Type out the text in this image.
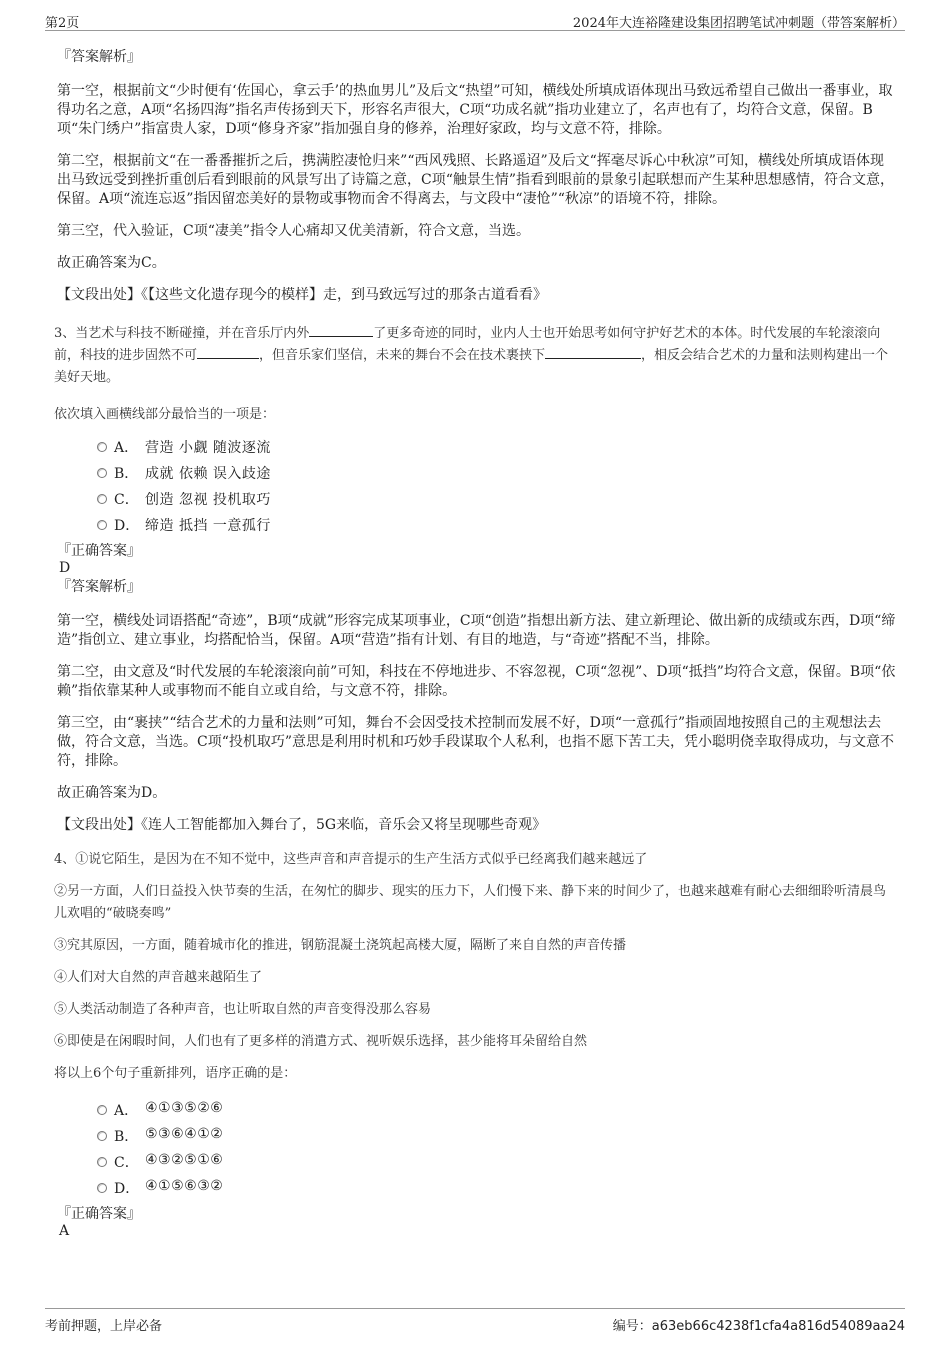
第2页	2024年大连裕隆建设集团招聘笔试冲刺题（带答案解析）

『答案解析』

第一空，根据前文“少时便有‘佐国心，拿云手’的热血男儿”及后文“热望”可知，横线处所填成语体现出马致远希望自己做出一番事业，取得功名之意，A项“名扬四海”指名声传扬到天下，形容名声很大，C项“功成名就”指功业建立了，名声也有了，均符合文意，保留。B项“朱门绣户”指富贵人家，D项“修身齐家”指加强自身的修养，治理好家政，均与文意不符，排除。

第二空，根据前文“在一番番摧折之后，携满腔凄怆归来”“西风残照、长路遥迢”及后文“挥毫尽诉心中秋凉”可知，横线处所填成语体现出马致远受到挫折重创后看到眼前的风景写出了诗篇之意，C项“触景生情”指看到眼前的景象引起联想而产生某种思想感情，符合文意，保留。A项“流连忘返”指因留恋美好的景物或事物而舍不得离去，与文段中“凄怆”“秋凉”的语境不符，排除。

第三空，代入验证，C项“凄美”指令人心痛却又优美清新，符合文意，当选。

故正确答案为C。

【文段出处】《【这些文化遗存现今的模样】走，到马致远写过的那条古道看看》

3、当艺术与科技不断碰撞，并在音乐厅内外	了更多奇迹的同时，业内人士也开始思考如何守护好艺术的本体。时代发展的车轮滚滚向前，科技的进步固然不可	，但音乐家们坚信，未来的舞台不会在技术裹挟下	，相反会结合艺术的力量和法则构建出一个美好天地。

依次填入画横线部分最恰当的一项是：

A． 营造 小觑 随波逐流
B． 成就 依赖 误入歧途
C． 创造 忽视 投机取巧
D． 缔造 抵挡 一意孤行

『正确答案』

D

『答案解析』

第一空，横线处词语搭配“奇迹”，B项“成就”形容完成某项事业，C项“创造”指想出新方法、建立新理论、做出新的成绩或东西，D项“缔造”指创立、建立事业，均搭配恰当，保留。A项“营造”指有计划、有目的地造，与“奇迹”搭配不当，排除。

第二空，由文意及“时代发展的车轮滚滚向前”可知，科技在不停地进步、不容忽视，C项“忽视”、D项“抵挡”均符合文意，保留。B项“依赖”指依靠某种人或事物而不能自立或自给，与文意不符，排除。

第三空，由“裹挟”“结合艺术的力量和法则”可知，舞台不会因受技术控制而发展不好，D项“一意孤行”指顽固地按照自己的主观想法去做，符合文意，当选。C项“投机取巧”意思是利用时机和巧妙手段谋取个人私利，也指不愿下苦工夫，凭小聪明侥幸取得成功，与文意不符，排除。

故正确答案为D。

【文段出处】《连人工智能都加入舞台了，5G来临，音乐会又将呈现哪些奇观》

4、①说它陌生，是因为在不知不觉中，这些声音和声音提示的生产生活方式似乎已经离我们越来越远了

②另一方面，人们日益投入快节奏的生活，在匆忙的脚步、现实的压力下，人们慢下来、静下来的时间少了，也越来越难有耐心去细细聆听清晨鸟儿欢唱的“破晓奏鸣”

③究其原因，一方面，随着城市化的推进，钢筋混凝土浇筑起高楼大厦，隔断了来自自然的声音传播

④人们对大自然的声音越来越陌生了

⑤人类活动制造了各种声音，也让听取自然的声音变得没那么容易

⑥即使是在闲暇时间，人们也有了更多样的消遣方式、视听娱乐选择，甚少能将耳朵留给自然

将以上6个句子重新排列，语序正确的是：

A． ④①③⑤②⑥
B． ⑤③⑥④①②
C． ④③②⑤①⑥
D． ④①⑤⑥③②

『正确答案』

A

考前押题，上岸必备	编号：a63eb66c4238f1cfa4a816d54089aa24
